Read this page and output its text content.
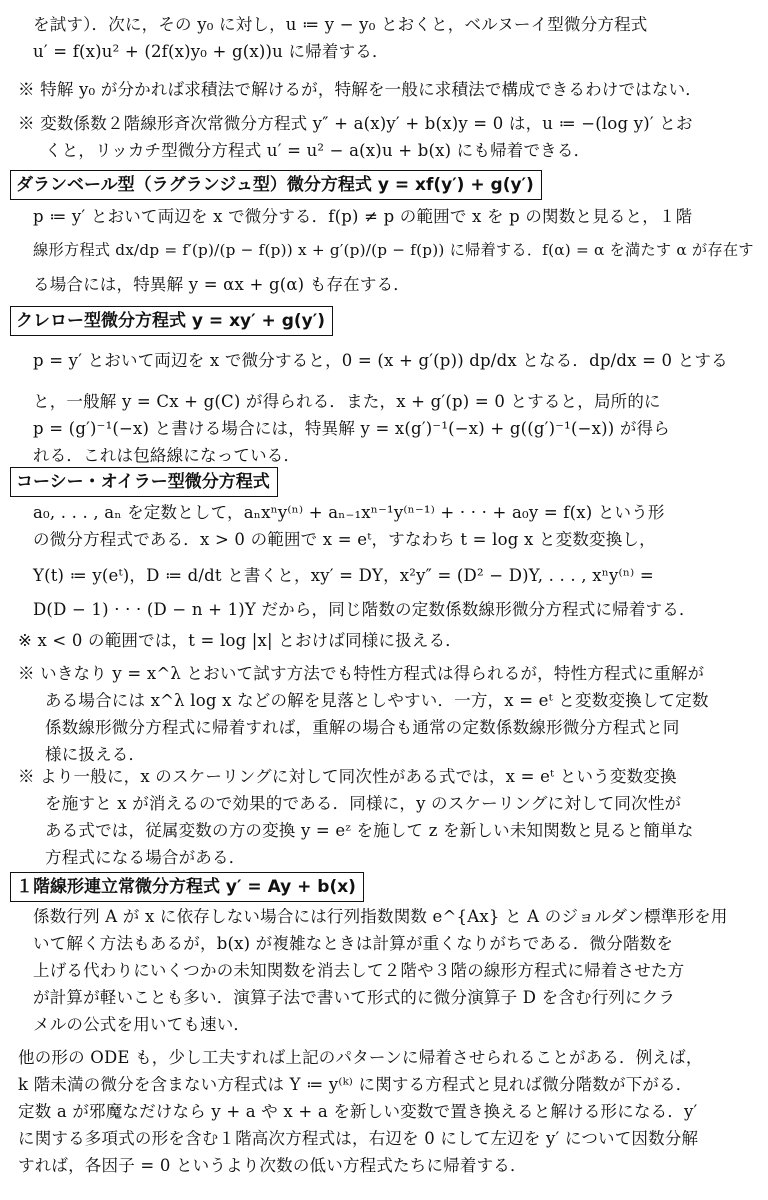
を試す）．次に，その y₀ に対し，u ≔ y − y₀ とおくと，ベルヌーイ型微分方程式
u′ = f(x)u² + (2f(x)y₀ + g(x))u に帰着する．
※ 特解 y₀ が分かれば求積法で解けるが，特解を一般に求積法で構成できるわけではない．
※ 変数係数２階線形斉次常微分方程式 y″ + a(x)y′ + b(x)y = 0 は，u ≔ −(log y)′ とお
くと，リッカチ型微分方程式 u′ = u² − a(x)u + b(x) にも帰着できる．
ダランベール型（ラグランジュ型）微分方程式 y = xf(y′) + g(y′)
p ≔ y′ とおいて両辺を x で微分する．f(p) ≠ p の範囲で x を p の関数と見ると，１階
線形方程式 dx/dp = f′(p)/(p − f(p)) x + g′(p)/(p − f(p)) に帰着する．f(α) = α を満たす α が存在す
る場合には，特異解 y = αx + g(α) も存在する．
クレロー型微分方程式 y = xy′ + g(y′)
p = y′ とおいて両辺を x で微分すると，0 = (x + g′(p)) dp/dx となる．dp/dx = 0 とする
と，一般解 y = Cx + g(C) が得られる．また，x + g′(p) = 0 とすると，局所的に
p = (g′)⁻¹(−x) と書ける場合には，特異解 y = x(g′)⁻¹(−x) + g((g′)⁻¹(−x)) が得ら
れる．これは包絡線になっている．
コーシー・オイラー型微分方程式
a₀, . . . , aₙ を定数として，aₙxⁿy⁽ⁿ⁾ + aₙ₋₁xⁿ⁻¹y⁽ⁿ⁻¹⁾ + · · · + a₀y = f(x) という形
の微分方程式である．x > 0 の範囲で x = eᵗ，すなわち t = log x と変数変換し，
Y(t) ≔ y(eᵗ)，D ≔ d/dt と書くと，xy′ = DY，x²y″ = (D² − D)Y, . . . , xⁿy⁽ⁿ⁾ =
D(D − 1) · · · (D − n + 1)Y だから，同じ階数の定数係数線形微分方程式に帰着する．
※ x < 0 の範囲では，t = log |x| とおけば同様に扱える．
※ いきなり y = x^λ とおいて試す方法でも特性方程式は得られるが，特性方程式に重解が
ある場合には x^λ log x などの解を見落としやすい．一方，x = eᵗ と変数変換して定数
係数線形微分方程式に帰着すれば，重解の場合も通常の定数係数線形微分方程式と同
様に扱える．
※ より一般に，x のスケーリングに対して同次性がある式では，x = eᵗ という変数変換
を施すと x が消えるので効果的である．同様に，y のスケーリングに対して同次性が
ある式では，従属変数の方の変換 y = eᶻ を施して z を新しい未知関数と見ると簡単な
方程式になる場合がある．
１階線形連立常微分方程式 y′ = Ay + b(x)
係数行列 A が x に依存しない場合には行列指数関数 e^{Ax} と A のジョルダン標準形を用
いて解く方法もあるが，b(x) が複雑なときは計算が重くなりがちである．微分階数を
上げる代わりにいくつかの未知関数を消去して２階や３階の線形方程式に帰着させた方
が計算が軽いことも多い．演算子法で書いて形式的に微分演算子 D を含む行列にクラ
メルの公式を用いても速い．
他の形の ODE も，少し工夫すれば上記のパターンに帰着させられることがある．例えば，
k 階未満の微分を含まない方程式は Y ≔ y⁽ᵏ⁾ に関する方程式と見れば微分階数が下がる．
定数 a が邪魔なだけなら y + a や x + a を新しい変数で置き換えると解ける形になる．y′
に関する多項式の形を含む１階高次方程式は，右辺を 0 にして左辺を y′ について因数分解
すれば，各因子 = 0 というより次数の低い方程式たちに帰着する．
